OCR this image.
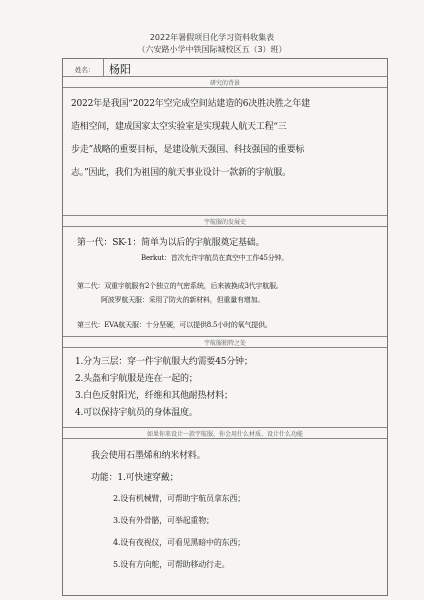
2022年暑假项目化学习资料收集表
（六安路小学中铁国际城校区五（3）班）
姓名： 杨阳
研究的背景
2022年是我国“2022年空完成空间站建造的6决胜决胜之年建
造相空间，建成国家太空实验室是实现载人航天工程“三
步走”战略的重要目标，是建设航天强国、科技强国的重要标
志。”因此，我们为祖国的航天事业设计一款新的宇航服。
宇航服的发展史
第一代：SK-1：简单为以后的宇航服奠定基础。
Berkut：首次允许宇航员在真空中工作45分钟。
第二代：双重宇航服有2个独立的气密系统，后来被换成3代宇航服。
阿波罗航天服：采用了防火的新材料，但重量有增加。
第三代：EVA航天服：十分坚硬，可以提供8.5小时的氧气提供。
宇航服独特之处
1.分为三层：穿一件宇航服大约需要45分钟；
2.头盔和宇航服是连在一起的；
3.白色反射阳光，纤维和其他耐热材料；
4.可以保持宇航员的身体温度。
如果你来设计一款宇航服，你会用什么材质、设计什么功能
我会使用石墨烯和纳米材料。
功能：1.可快速穿戴；
2.设有机械臂，可帮助宇航员拿东西；
3.设有外骨骼，可举起重物；
4.设有夜视仪，可看见黑暗中的东西；
5.设有方向舵，可帮助移动行走。
